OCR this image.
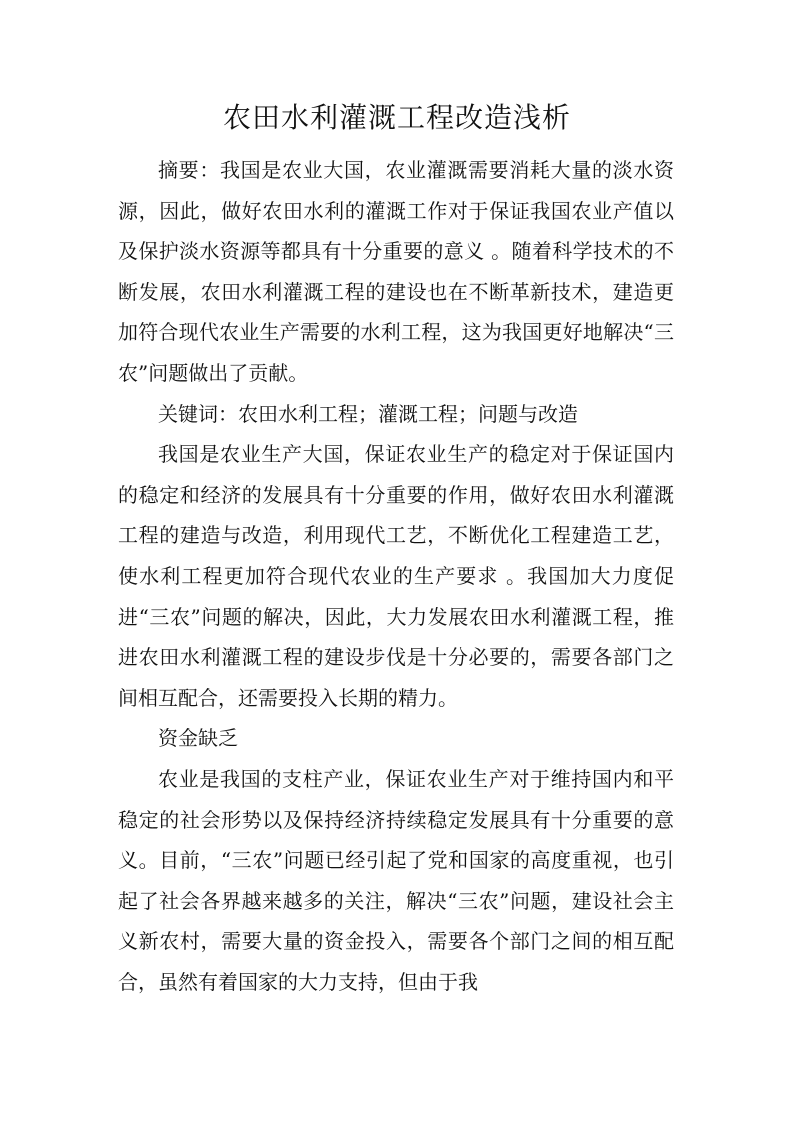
农田水利灌溉工程改造浅析

摘要：我国是农业大国，农业灌溉需要消耗大量的淡水资源，因此，做好农田水利的灌溉工作对于保证我国农业产值以及保护淡水资源等都具有十分重要的意义 。随着科学技术的不断发展，农田水利灌溉工程的建设也在不断革新技术，建造更加符合现代农业生产需要的水利工程，这为我国更好地解决“三农”问题做出了贡献。

关键词：农田水利工程；灌溉工程；问题与改造

我国是农业生产大国，保证农业生产的稳定对于保证国内的稳定和经济的发展具有十分重要的作用，做好农田水利灌溉工程的建造与改造，利用现代工艺，不断优化工程建造工艺，使水利工程更加符合现代农业的生产要求 。我国加大力度促进“三农”问题的解决，因此，大力发展农田水利灌溉工程，推进农田水利灌溉工程的建设步伐是十分必要的，需要各部门之间相互配合，还需要投入长期的精力。

资金缺乏

农业是我国的支柱产业，保证农业生产对于维持国内和平稳定的社会形势以及保持经济持续稳定发展具有十分重要的意义。目前，“三农”问题已经引起了党和国家的高度重视，也引起了社会各界越来越多的关注，解决“三农”问题，建设社会主义新农村，需要大量的资金投入，需要各个部门之间的相互配合，虽然有着国家的大力支持，但由于我
